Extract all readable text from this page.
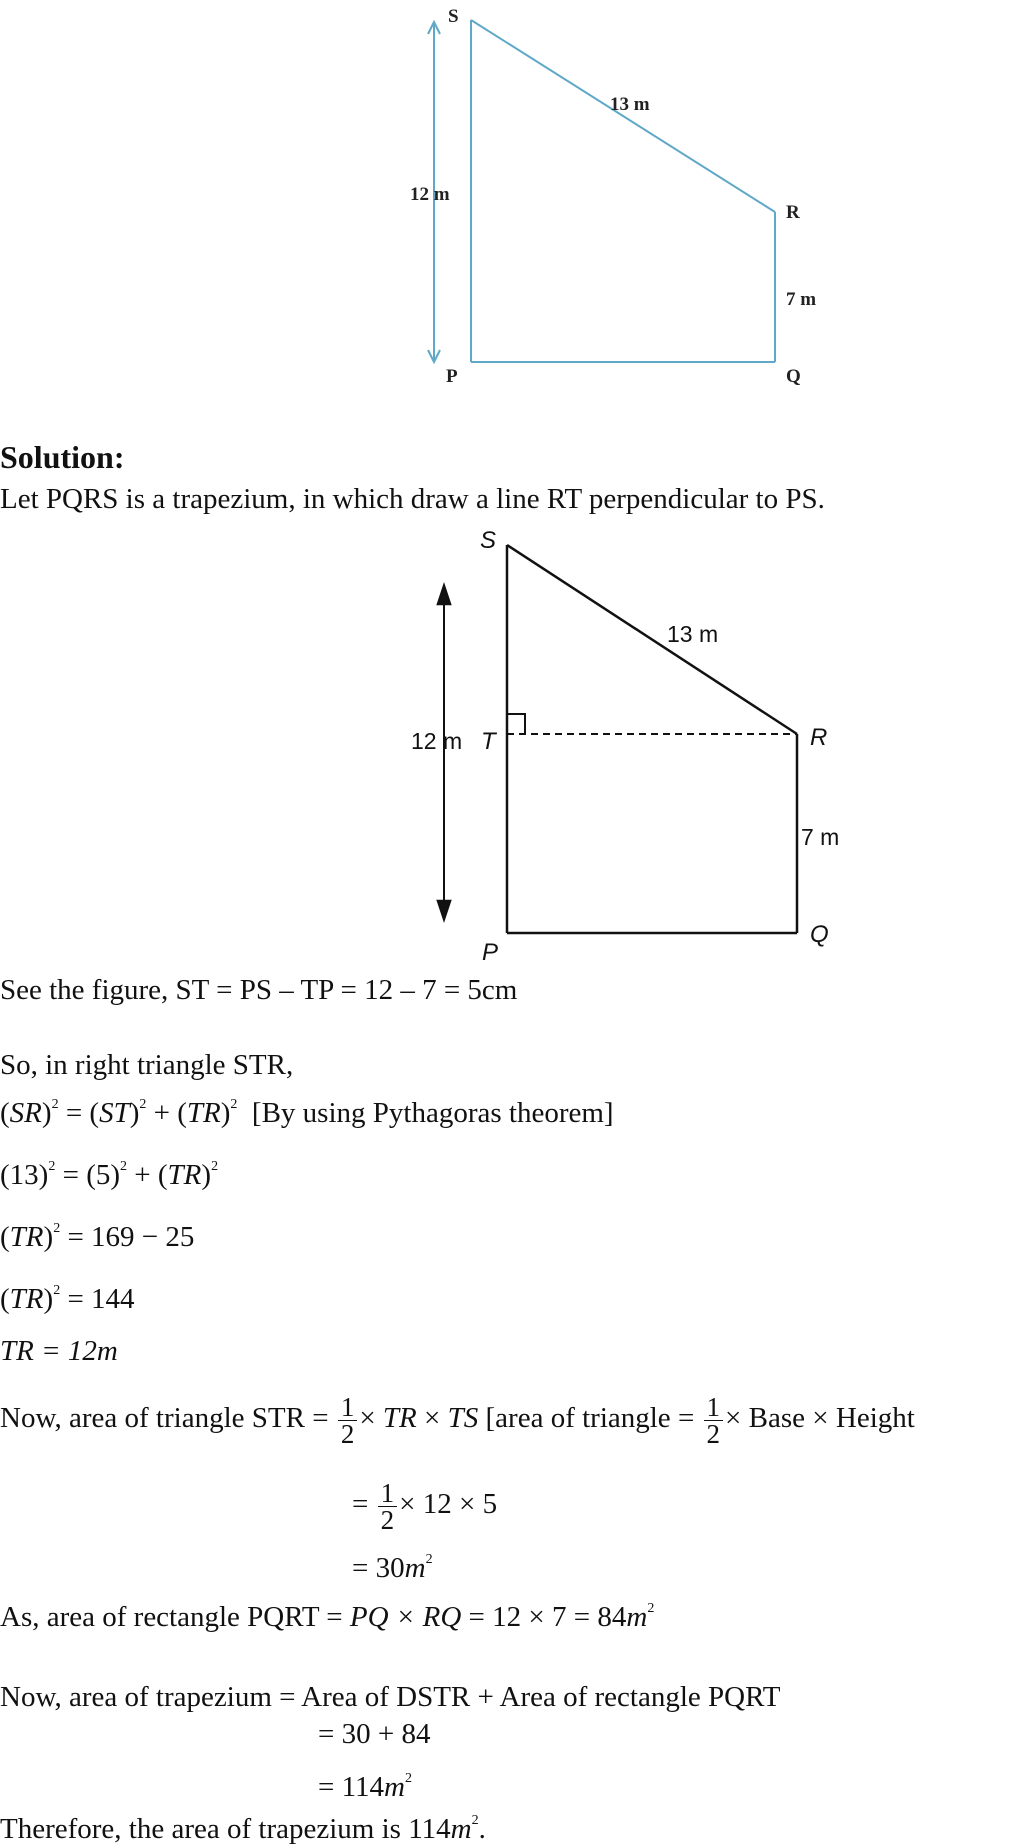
S
R
P	Q
13 m
12 m
7 m
Solution:
Let PQRS is a trapezium, in which draw a line RT perpendicular to PS.
S
T	R
P
Q
13 m
12 m
7 m
See the figure, ST = PS – TP = 12 – 7 = 5cm
So, in right triangle STR,
(SR)$^2$ = (ST)$^2$ + (TR)$^2$ [By using Pythagoras theorem]
$(13)^2 = (5)^2 + (TR)^2$
(TR)$^2$ = 169 − 25
(TR)$^2$ = 144
TR = 12m
Now, area of triangle STR = $\frac{1}{2}$ × TR × TS [area of triangle = $\frac{1}{2}$ × Base × Height
= $\frac{1}{2} \times 12 \times 5$
= $30m^2$
As, area of rectangle PQRT = PQ × RQ = $12 \times 7 = 84m^2$
Now, area of trapezium = Area of DSTR + Area of rectangle PQRT
= 30 + 84
= $114m^2$
Therefore, the area of trapezium is $114m^2$.
